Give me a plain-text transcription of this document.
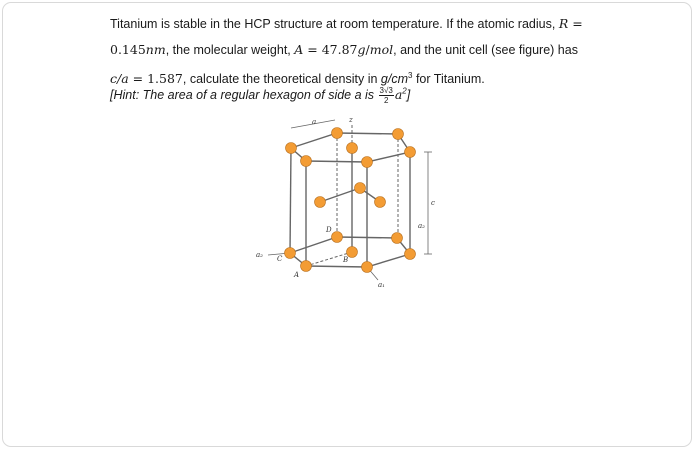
Titanium is stable in the HCP structure at room temperature. If the atomic radius, R =

0.145nm, the molecular weight, A = 47.87g/mol, and the unit cell (see figure) has

c/a = 1.587, calculate the theoretical density in $g/cm^3$ for Titanium.

[Hint: The area of a regular hexagon of side a is $\frac{3√3}{2} a^2$]
a	z
c
a₂
a₂
a₁
A
B
C
D
